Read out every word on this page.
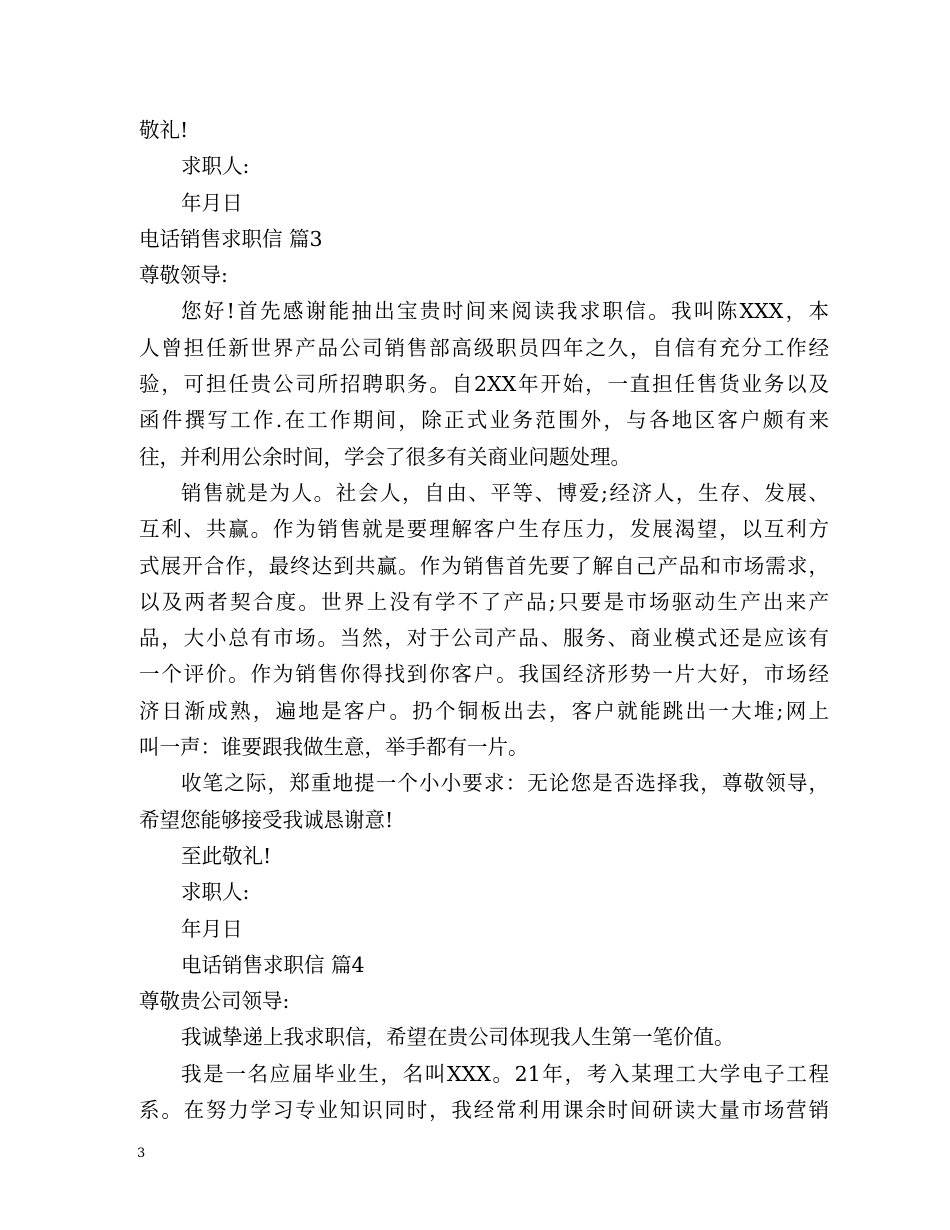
敬礼!
求职人:
年月日
电话销售求职信 篇3
尊敬领导:
您好!首先感谢能抽出宝贵时间来阅读我求职信。我叫陈XXX，本
人曾担任新世界产品公司销售部高级职员四年之久，自信有充分工作经
验，可担任贵公司所招聘职务。自2XX年开始，一直担任售货业务以及
函件撰写工作.在工作期间，除正式业务范围外，与各地区客户颇有来
往，并利用公余时间，学会了很多有关商业问题处理。
销售就是为人。社会人，自由、平等、博爱;经济人，生存、发展、
互利、共赢。作为销售就是要理解客户生存压力，发展渴望，以互利方
式展开合作，最终达到共赢。作为销售首先要了解自己产品和市场需求，
以及两者契合度。世界上没有学不了产品;只要是市场驱动生产出来产
品，大小总有市场。当然，对于公司产品、服务、商业模式还是应该有
一个评价。作为销售你得找到你客户。我国经济形势一片大好，市场经
济日渐成熟，遍地是客户。扔个铜板出去，客户就能跳出一大堆;网上
叫一声：谁要跟我做生意，举手都有一片。
收笔之际，郑重地提一个小小要求：无论您是否选择我，尊敬领导，
希望您能够接受我诚恳谢意!
至此敬礼!
求职人:
年月日
电话销售求职信 篇4
尊敬贵公司领导:
我诚挚递上我求职信，希望在贵公司体现我人生第一笔价值。
我是一名应届毕业生，名叫XXX。21年，考入某理工大学电子工程
系。在努力学习专业知识同时，我经常利用课余时间研读大量市场营销
3
